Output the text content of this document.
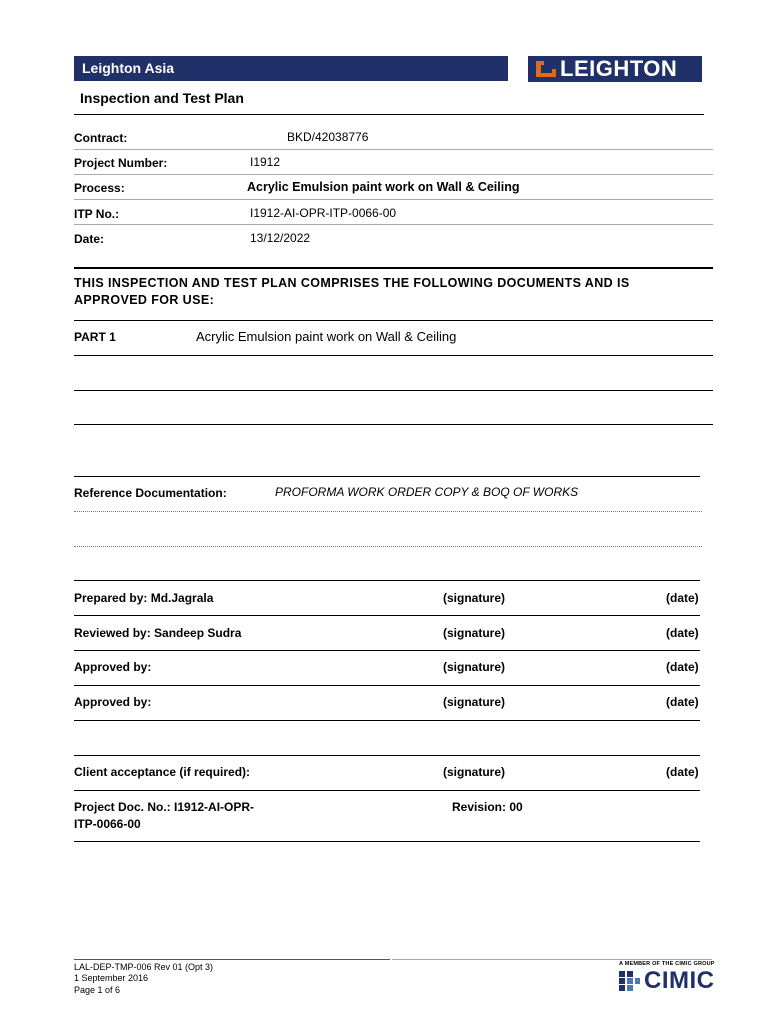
Leighton Asia	LEIGHTON
Inspection and Test Plan
Contract:	BKD/42038776
Project Number:	I1912
Process:	Acrylic Emulsion paint work on Wall & Ceiling
ITP No.:	I1912-AI-OPR-ITP-0066-00
Date:	13/12/2022
THIS INSPECTION AND TEST PLAN COMPRISES THE FOLLOWING DOCUMENTS AND IS APPROVED FOR USE:
PART 1	Acrylic Emulsion paint work on Wall & Ceiling
Reference Documentation:	PROFORMA WORK ORDER COPY & BOQ OF WORKS
Prepared by: Md.Jagrala	(signature)	(date)
Reviewed by: Sandeep Sudra	(signature)	(date)
Approved by:	(signature)	(date)
Approved by:	(signature)	(date)
Client acceptance (if required):	(signature)	(date)
Project Doc. No.: I1912-AI-OPR-
ITP-0066-00
Revision: 00
LAL-DEP-TMP-006 Rev 01 (Opt 3)
1 September 2016
Page 1 of 6
A MEMBER OF THE CIMIC GROUP
CIMIC
